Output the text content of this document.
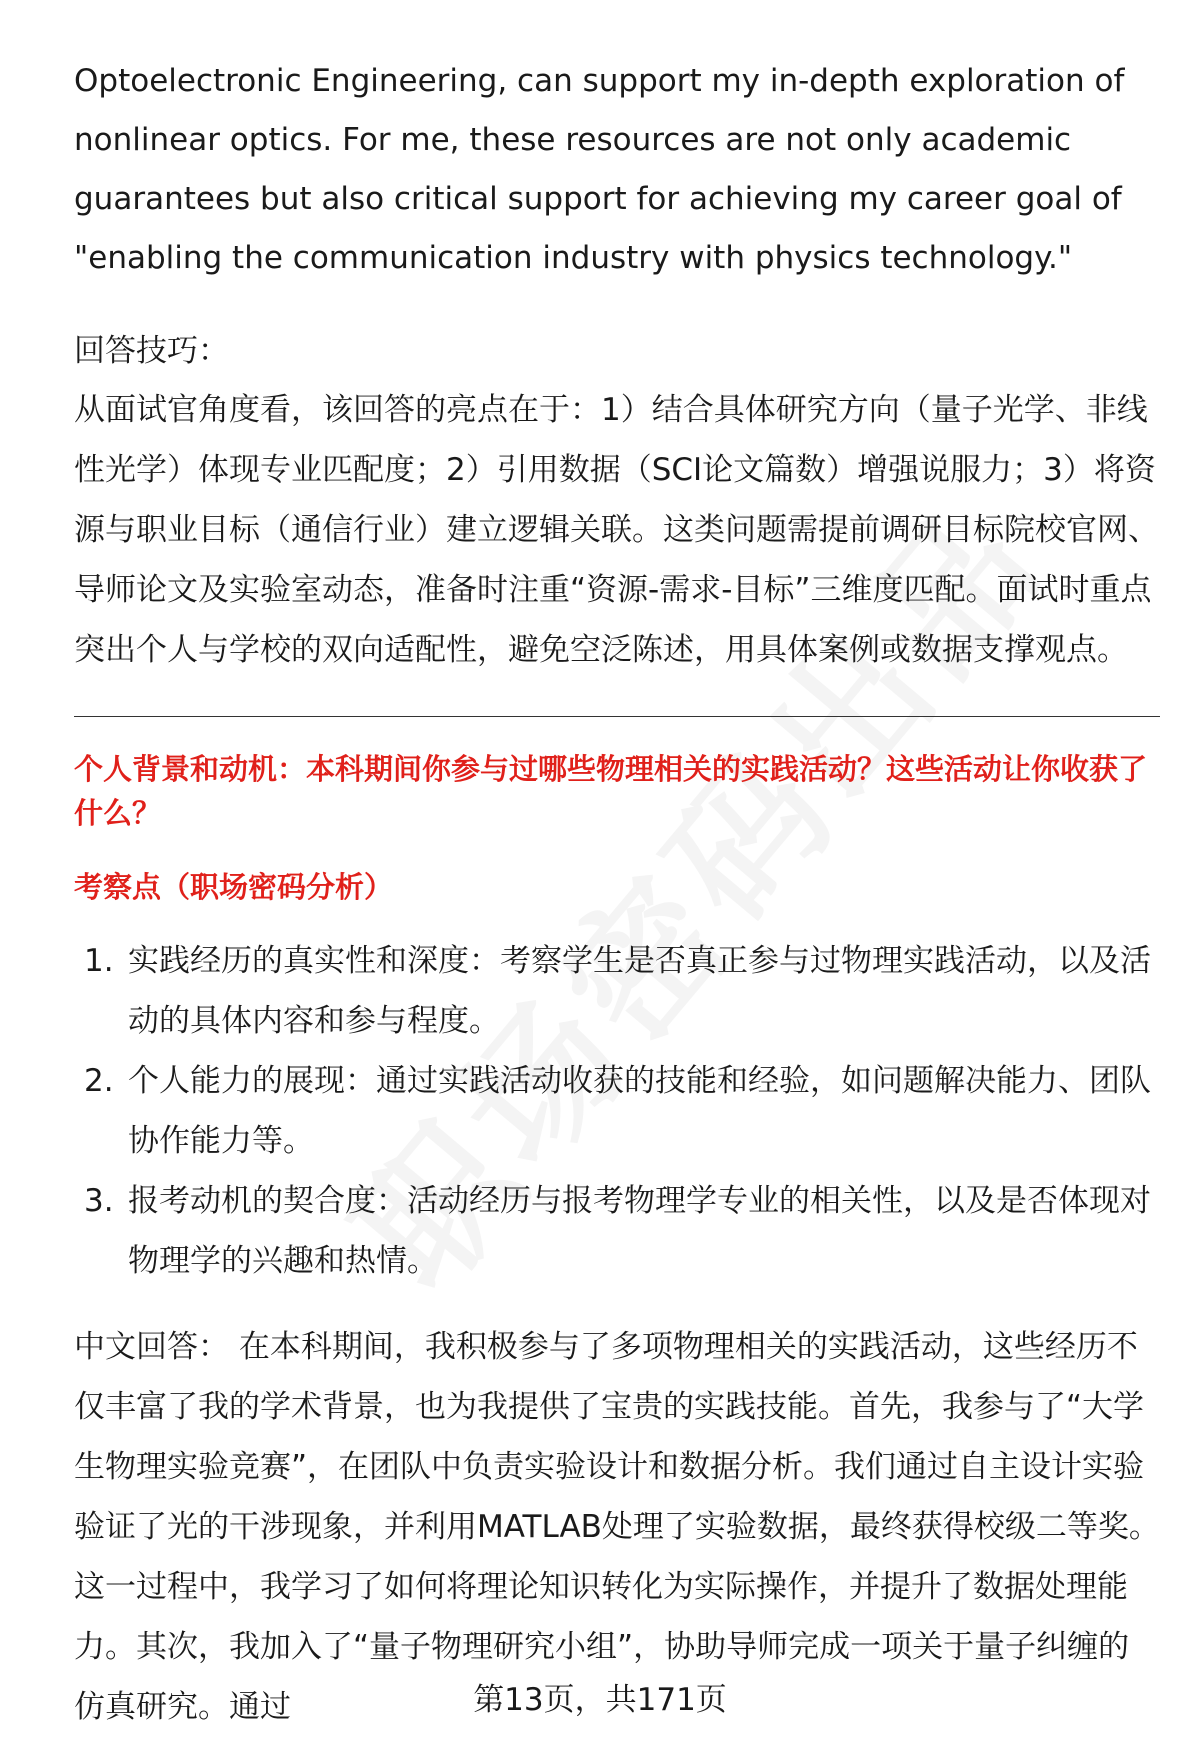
Optoelectronic Engineering, can support my in-depth exploration of nonlinear optics. For me, these resources are not only academic guarantees but also critical support for achieving my career goal of "enabling the communication industry with physics technology."

回答技巧：

从面试官角度看，该回答的亮点在于：1）结合具体研究方向（量子光学、非线性光学）体现专业匹配度；2）引用数据（SCI论文篇数）增强说服力；3）将资源与职业目标（通信行业）建立逻辑关联。这类问题需提前调研目标院校官网、导师论文及实验室动态，准备时注重“资源-需求-目标”三维度匹配。面试时重点突出个人与学校的双向适配性，避免空泛陈述，用具体案例或数据支撑观点。

个人背景和动机：本科期间你参与过哪些物理相关的实践活动？这些活动让你收获了什么？

考察点（职场密码分析）

1. 实践经历的真实性和深度：考察学生是否真正参与过物理实践活动，以及活动的具体内容和参与程度。
2. 个人能力的展现：通过实践活动收获的技能和经验，如问题解决能力、团队协作能力等。
3. 报考动机的契合度：活动经历与报考物理学专业的相关性，以及是否体现对物理学的兴趣和热情。

中文回答： 在本科期间，我积极参与了多项物理相关的实践活动，这些经历不仅丰富了我的学术背景，也为我提供了宝贵的实践技能。首先，我参与了“大学生物理实验竞赛”，在团队中负责实验设计和数据分析。我们通过自主设计实验验证了光的干涉现象，并利用MATLAB处理了实验数据，最终获得校级二等奖。这一过程中，我学习了如何将理论知识转化为实际操作，并提升了数据处理能力。其次，我加入了“量子物理研究小组”，协助导师完成一项关于量子纠缠的仿真研究。通过	第13页，共171页
